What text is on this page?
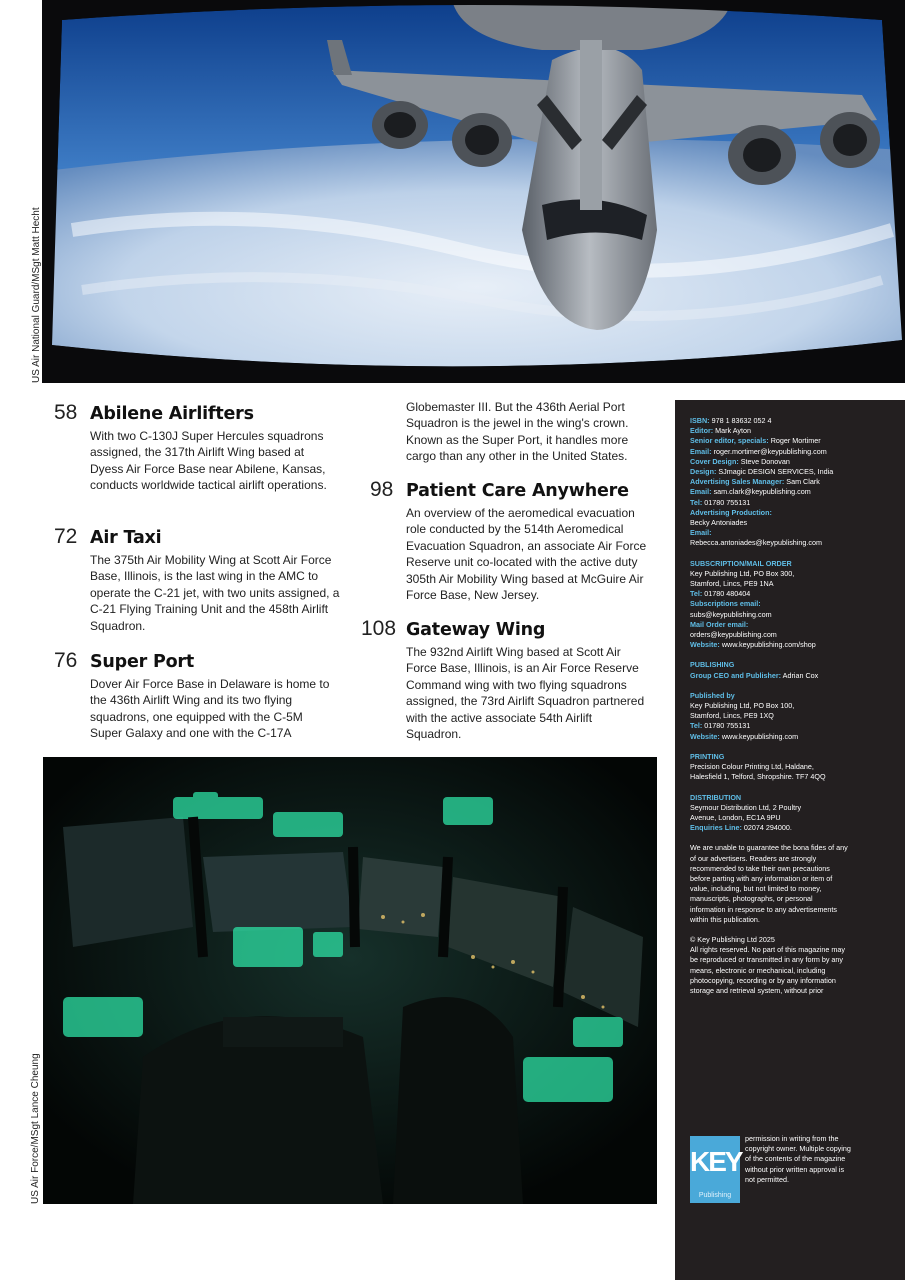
US Air National Guard/MSgt Matt Hecht
58 Abilene Airlifters
With two C-130J Super Hercules squadrons assigned, the 317th Airlift Wing based at Dyess Air Force Base near Abilene, Kansas, conducts worldwide tactical airlift operations.
72 Air Taxi
The 375th Air Mobility Wing at Scott Air Force Base, Illinois, is the last wing in the AMC to operate the C-21 jet, with two units assigned, a C-21 Flying Training Unit and the 458th Airlift Squadron.
76 Super Port
Dover Air Force Base in Delaware is home to the 436th Airlift Wing and its two flying squadrons, one equipped with the C-5M Super Galaxy and one with the C-17A
Globemaster III. But the 436th Aerial Port Squadron is the jewel in the wing's crown. Known as the Super Port, it handles more cargo than any other in the United States.
98 Patient Care Anywhere
An overview of the aeromedical evacuation role conducted by the 514th Aeromedical Evacuation Squadron, an associate Air Force Reserve unit co-located with the active duty 305th Air Mobility Wing based at McGuire Air Force Base, New Jersey.
108 Gateway Wing
The 932nd Airlift Wing based at Scott Air Force Base, Illinois, is an Air Force Reserve Command wing with two flying squadrons assigned, the 73rd Airlift Squadron partnered with the active associate 54th Airlift Squadron.
US Air Force/MSgt Lance Cheung

ISBN: 978 1 83632 052 4

Editor: Mark Ayton

Senior editor, specials: Roger Mortimer

Email: roger.mortimer@keypublishing.com

Cover Design: Steve Donovan

Design: SJmagic DESIGN SERVICES, India

Advertising Sales Manager: Sam Clark

Email: sam.clark@keypublishing.com

Tel: 01780 755131

Advertising Production:

Becky Antoniades

Email:

Rebecca.antoniades@keypublishing.com

SUBSCRIPTION/MAIL ORDER

Key Publishing Ltd, PO Box 300,

Stamford, Lincs, PE9 1NA

Tel: 01780 480404

Subscriptions email:

subs@keypublishing.com

Mail Order email:

orders@keypublishing.com

Website: www.keypublishing.com/shop

PUBLISHING

Group CEO and Publisher: Adrian Cox

Published by

Key Publishing Ltd, PO Box 100,

Stamford, Lincs, PE9 1XQ

Tel: 01780 755131

Website: www.keypublishing.com

PRINTING

Precision Colour Printing Ltd, Haldane,

Halesfield 1, Telford, Shropshire. TF7 4QQ

DISTRIBUTION

Seymour Distribution Ltd, 2 Poultry

Avenue, London, EC1A 9PU

Enquiries Line: 02074 294000.

We are unable to guarantee the bona fides of any of our advertisers. Readers are strongly recommended to take their own precautions before parting with any information or item of value, including, but not limited to money, manuscripts, photographs, or personal information in response to any advertisements within this publication.

© Key Publishing Ltd 2025

All rights reserved. No part of this magazine may be reproduced or transmitted in any form by any means, electronic or mechanical, including photocopying, recording or by any information storage and retrieval system, without prior

KEY
Publishing
permission in writing from the copyright owner. Multiple copying of the contents of the magazine without prior written approval is not permitted.
